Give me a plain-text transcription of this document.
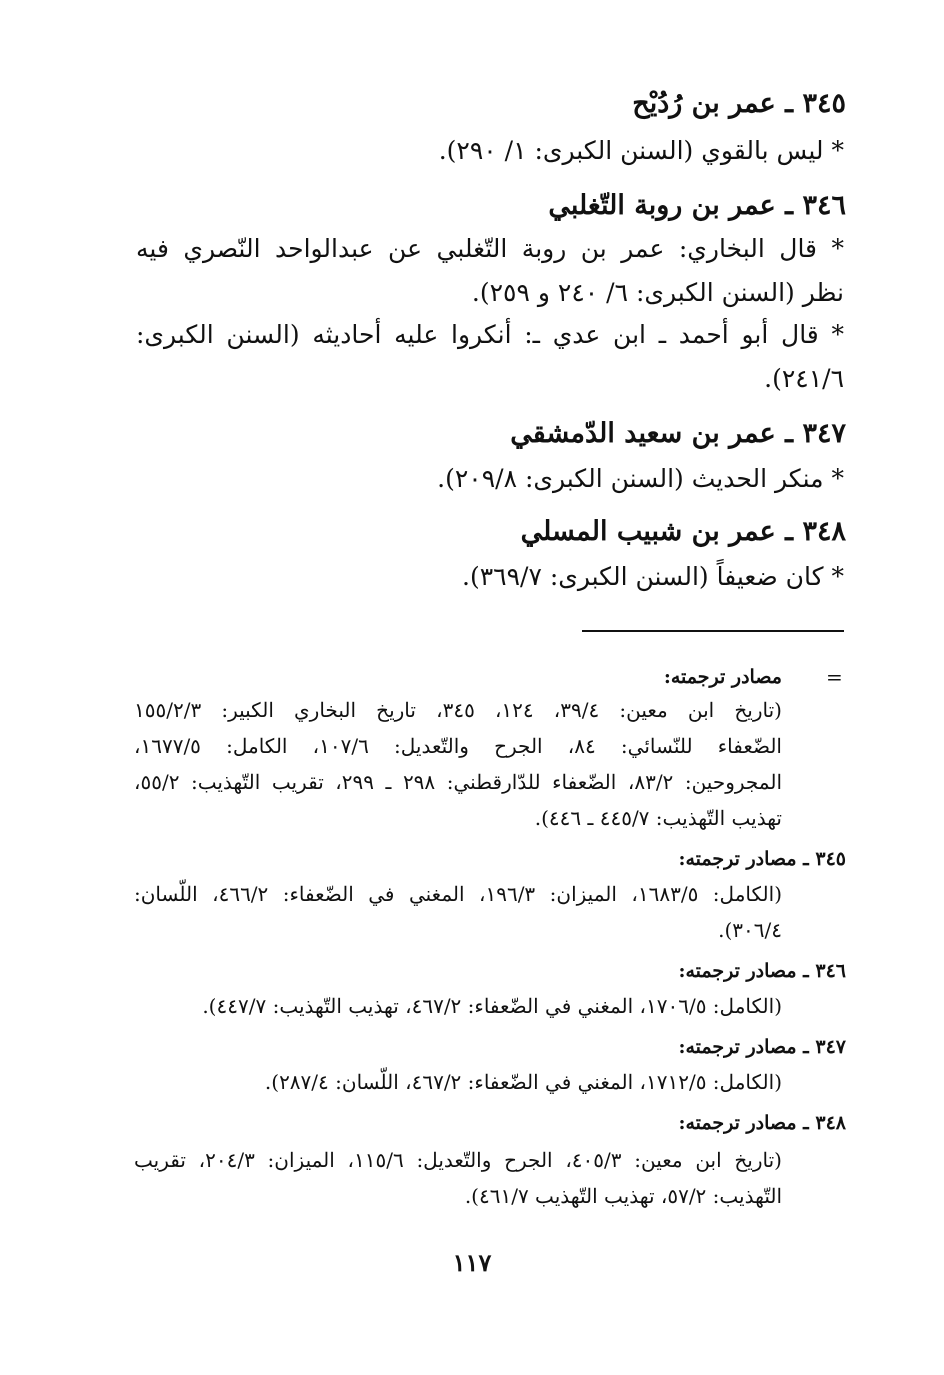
٣٤٥ ـ عمر بن رُدُيْح
* ليس بالقوي (السنن الكبرى: ١/ ٢٩٠).
٣٤٦ ـ عمر بن روبة التّغلبي
* قال البخاري: عمر بن روبة التّغلبي عن عبدالواحد النّصري فيه
نظر (السنن الكبرى: ٦/ ٢٤٠ و ٢٥٩).
* قال أبو أحمد ـ ابن عدي ـ: أنكروا عليه أحاديثه (السنن الكبرى:
٢٤١/٦).
٣٤٧ ـ عمر بن سعيد الدّمشقي
* منكر الحديث (السنن الكبرى: ٢٠٩/٨).
٣٤٨ ـ عمر بن شبيب المسلي
* كان ضعيفاً (السنن الكبرى: ٣٦٩/٧).
=
مصادر ترجمته:
(تاريخ ابن معين: ٣٩/٤، ١٢٤، ٣٤٥، تاريخ البخاري الكبير: ١٥٥/٢/٣
الضّعفاء للنّسائي: ٨٤، الجرح والتّعديل: ١٠٧/٦، الكامل: ١٦٧٧/٥،
المجروحين: ٨٣/٢، الضّعفاء للدّارقطني: ٢٩٨ ـ ٢٩٩، تقريب التّهذيب: ٥٥/٢،
تهذيب التّهذيب: ٤٤٥/٧ ـ ٤٤٦).
٣٤٥ ـ مصادر ترجمته:
(الكامل: ١٦٨٣/٥، الميزان: ١٩٦/٣، المغني في الضّعفاء: ٤٦٦/٢، اللّسان:
٣٠٦/٤).
٣٤٦ ـ مصادر ترجمته:
(الكامل: ١٧٠٦/٥، المغني في الضّعفاء: ٤٦٧/٢، تهذيب التّهذيب: ٤٤٧/٧).
٣٤٧ ـ مصادر ترجمته:
(الكامل: ١٧١٢/٥، المغني في الضّعفاء: ٤٦٧/٢، اللّسان: ٢٨٧/٤).
٣٤٨ ـ مصادر ترجمته:
(تاريخ ابن معين: ٤٠٥/٣، الجرح والتّعديل: ١١٥/٦، الميزان: ٢٠٤/٣، تقريب
التّهذيب: ٥٧/٢، تهذيب التّهذيب ٤٦١/٧).
١١٧
